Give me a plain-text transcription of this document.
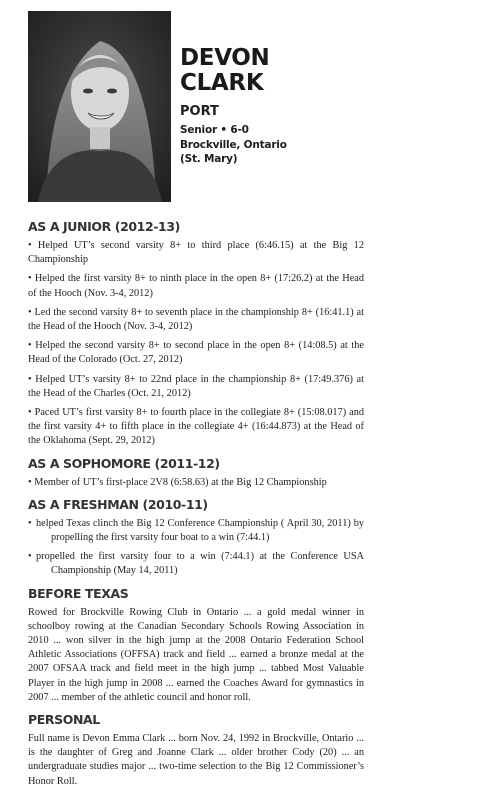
DEVON
CLARK
PORT
Senior • 6-0
Brockville, Ontario
(St. Mary)
AS A JUNIOR (2012-13)

• Helped UT’s second varsity 8+ to third place (6:46.15) at the Big 12 Championship

• Helped the first varsity 8+ to ninth place in the open 8+ (17:26.2) at the Head of the Hooch (Nov. 3-4, 2012)

• Led the second varsity 8+ to seventh place in the championship 8+ (16:41.1) at the Head of the Hooch (Nov. 3-4, 2012)

• Helped the second varsity 8+ to second place in the open 8+ (14:08.5) at the Head of the Colorado (Oct. 27, 2012)

• Helped UT’s varsity 8+ to 22nd place in the championship 8+ (17:49.376) at the Head of the Charles (Oct. 21, 2012)

• Paced UT’s first varsity 8+ to fourth place in the collegiate 8+ (15:08.017) and the first varsity 4+ to fifth place in the collegiate 4+ (16:44.873) at the Head of the Oklahoma (Sept. 29, 2012)

AS A SOPHOMORE (2011-12)

• Member of UT’s first-place 2V8 (6:58.63) at the Big 12 Championship

AS A FRESHMAN (2010-11)

• helped Texas clinch the Big 12 Conference Championship ( April 30, 2011) by propelling the first varsity four boat to a win (7:44.1)

• propelled the first varsity four to a win (7:44.1) at the Conference USA Championship (May 14, 2011)

BEFORE TEXAS

Rowed for Brockville Rowing Club in Ontario ... a gold medal winner in schoolboy rowing at the Canadian Secondary Schools Rowing Association in 2010 ... won silver in the high jump at the 2008 Ontario Federation School Athletic Associations (OFFSA) track and field ... earned a bronze medal at the 2007 OFSAA track and field meet in the high jump ... tabbed Most Valuable Player in the high jump in 2008 ... earned the Coaches Award for gymnastics in 2007 ... member of the athletic council and honor roll.

PERSONAL

Full name is Devon Emma Clark ... born Nov. 24, 1992 in Brockville, Ontario ... is the daughter of Greg and Joanne Clark ... older brother Cody (20) ... an undergraduate studies major ... two-time selection to the Big 12 Commissioner’s Honor Roll.
